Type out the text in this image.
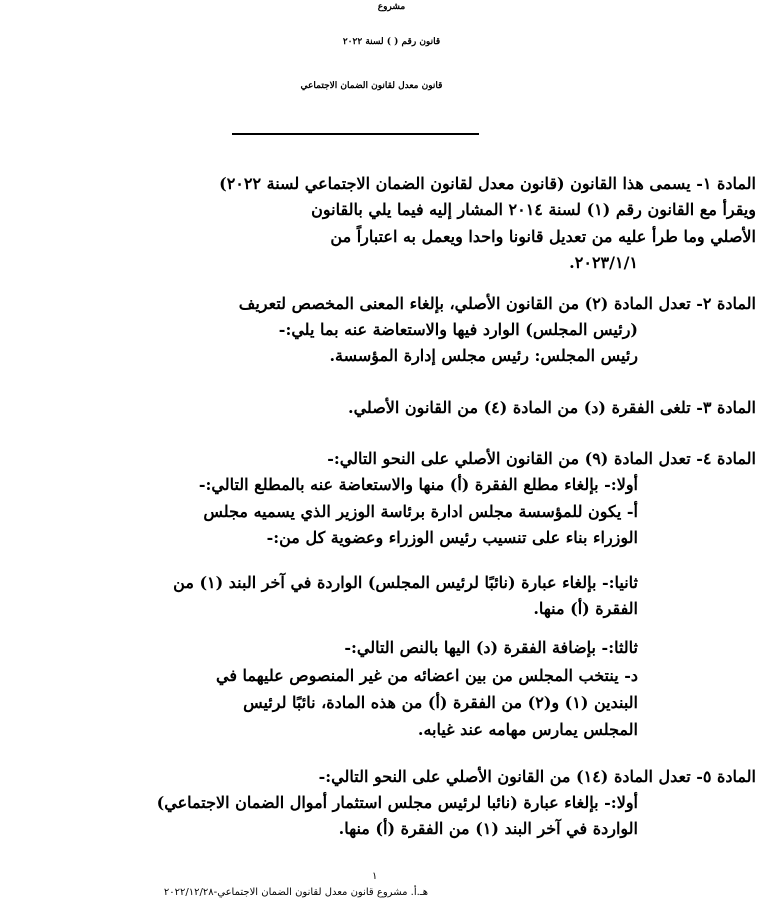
مشروع
قانون رقم ( ) لسنة ٢٠٢٢
قانون معدل لقانون الضمان الاجتماعي
المادة ١- يسمى هذا القانون (قانون معدل لقانون الضمان الاجتماعي لسنة ٢٠٢٢)
ويقرأ مع القانون رقم (١) لسنة ٢٠١٤ المشار إليه فيما يلي بالقانون
الأصلي وما طرأ عليه من تعديل قانونا واحدا ويعمل به اعتباراً من
٢٠٢٣/١/١.
المادة ٢- تعدل المادة (٢) من القانون الأصلي، بإلغاء المعنى المخصص لتعريف
(رئيس المجلس) الوارد فيها والاستعاضة عنه بما يلي:-
رئيس المجلس: رئيس مجلس إدارة المؤسسة.
المادة ٣- تلغى الفقرة (د) من المادة (٤) من القانون الأصلي.
المادة ٤- تعدل المادة (٩) من القانون الأصلي على النحو التالي:-
أولا:- بإلغاء مطلع الفقرة (أ) منها والاستعاضة عنه بالمطلع التالي:-
أ- يكون للمؤسسة مجلس ادارة برئاسة الوزير الذي يسميه مجلس
الوزراء بناء على تنسيب رئيس الوزراء وعضوية كل من:-
ثانيا:- بإلغاء عبارة (نائبًا لرئيس المجلس) الواردة في آخر البند (١) من
الفقرة (أ) منها.
ثالثا:- بإضافة الفقرة (د) اليها بالنص التالي:-
د- ينتخب المجلس من بين اعضائه من غير المنصوص عليهما في
البندين (١) و(٢) من الفقرة (أ) من هذه المادة، نائبًا لرئيس
المجلس يمارس مهامه عند غيابه.
المادة ٥- تعدل المادة (١٤) من القانون الأصلي على النحو التالي:-
أولا:- بإلغاء عبارة (نائبا لرئيس مجلس استثمار أموال الضمان الاجتماعي)
الواردة في آخر البند (١) من الفقرة (أ) منها.
١
هـ.أ. مشروع قانون معدل لقانون الضمان الاجتماعي-٢٠٢٢/١٢/٢٨
